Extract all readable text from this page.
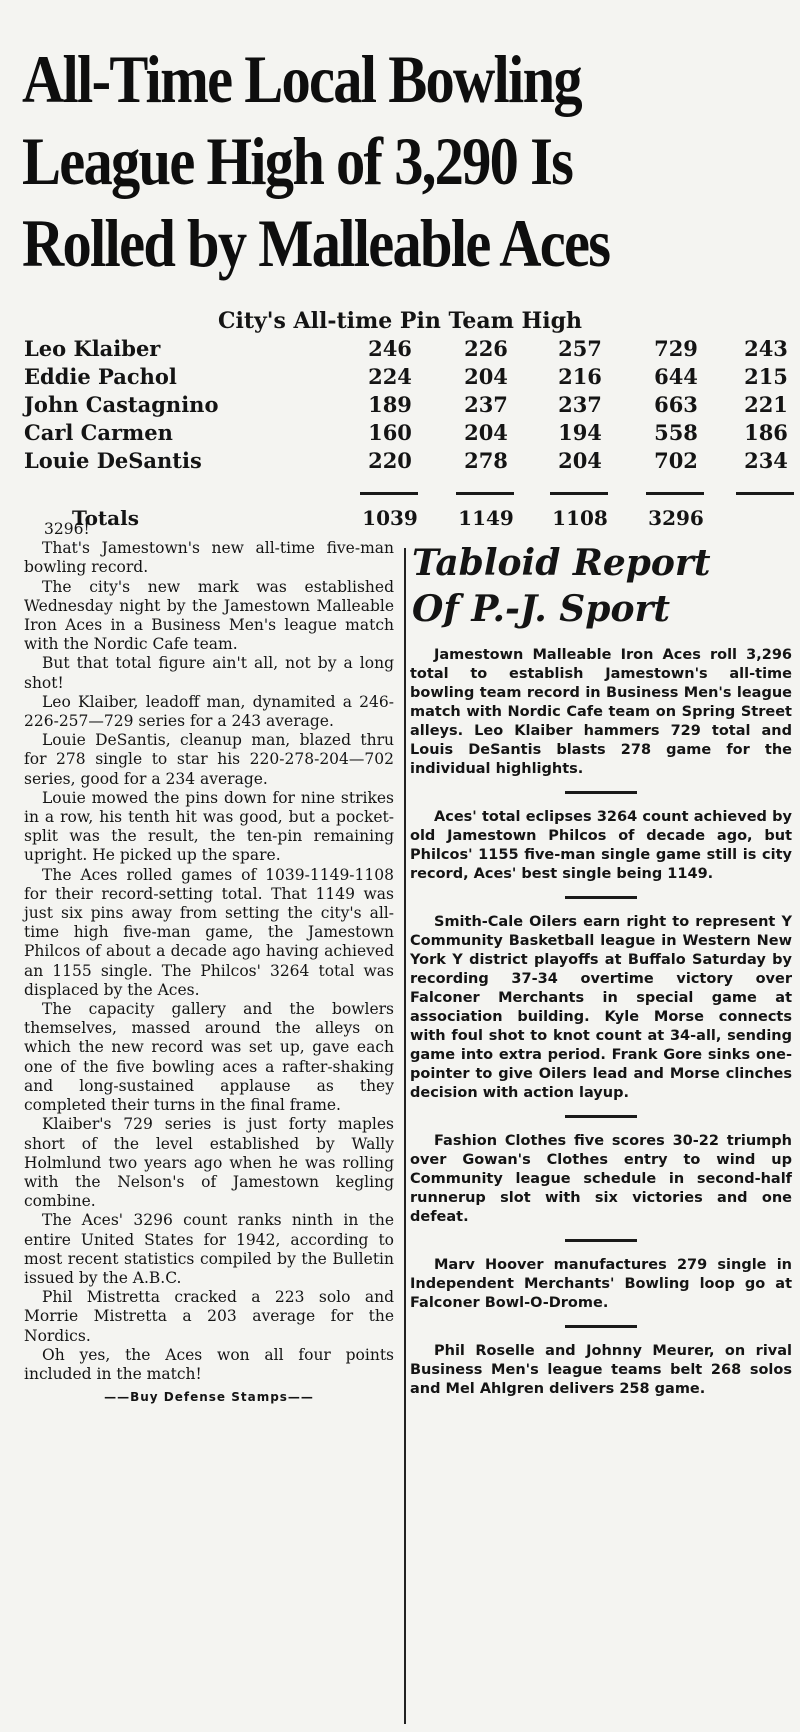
All-Time Local Bowling
League High of 3,290 Is
Rolled by Malleable Aces
City's All-time Pin Team High
Leo Klaiber	246	226	257	729	243
Eddie Pachol	224	204	216	644	215
John Castagnino	189	237	237	663	221
Carl Carmen	160	204	194	558	186
Louie DeSantis	220	278	204	702	234
Totals	1039 1149 1108 3296

3296!

That's Jamestown's new all-time five-man bowling record.

The city's new mark was established Wednesday night by the Jamestown Malleable Iron Aces in a Business Men's league match with the Nordic Cafe team.

But that total figure ain't all, not by a long shot!

Leo Klaiber, leadoff man, dynamited a 246-226-257—729 series for a 243 average.

Louie DeSantis, cleanup man, blazed thru for 278 single to star his 220-278-204—702 series, good for a 234 average.

Louie mowed the pins down for nine strikes in a row, his tenth hit was good, but a pocket-split was the result, the ten-pin remaining upright. He picked up the spare.

The Aces rolled games of 1039-1149-1108 for their record-setting total. That 1149 was just six pins away from setting the city's all-time high five-man game, the Jamestown Philcos of about a decade ago having achieved an 1155 single. The Philcos' 3264 total was displaced by the Aces.

The capacity gallery and the bowlers themselves, massed around the alleys on which the new record was set up, gave each one of the five bowling aces a rafter-shaking and long-sustained applause as they completed their turns in the final frame.

Klaiber's 729 series is just forty maples short of the level established by Wally Holmlund two years ago when he was rolling with the Nelson's of Jamestown kegling combine.

The Aces' 3296 count ranks ninth in the entire United States for 1942, according to most recent statistics compiled by the Bulletin issued by the A.B.C.

Phil Mistretta cracked a 223 solo and Morrie Mistretta a 203 average for the Nordics.

Oh yes, the Aces won all four points included in the match!

——Buy Defense Stamps——
Tabloid Report
Of P.-J. Sport

Jamestown Malleable Iron Aces roll 3,296 total to establish Jamestown's all-time bowling team record in Business Men's league match with Nordic Cafe team on Spring Street alleys. Leo Klaiber hammers 729 total and Louis DeSantis blasts 278 game for the individual highlights.

Aces' total eclipses 3264 count achieved by old Jamestown Philcos of decade ago, but Philcos' 1155 five-man single game still is city record, Aces' best single being 1149.

Smith-Cale Oilers earn right to represent Y Community Basketball league in Western New York Y district playoffs at Buffalo Saturday by recording 37-34 overtime victory over Falconer Merchants in special game at association building. Kyle Morse connects with foul shot to knot count at 34-all, sending game into extra period. Frank Gore sinks one-pointer to give Oilers lead and Morse clinches decision with action layup.

Fashion Clothes five scores 30-22 triumph over Gowan's Clothes entry to wind up Community league schedule in second-half runnerup slot with six victories and one defeat.

Marv Hoover manufactures 279 single in Independent Merchants' Bowling loop go at Falconer Bowl-O-Drome.

Phil Roselle and Johnny Meurer, on rival Business Men's league teams belt 268 solos and Mel Ahlgren delivers 258 game.
